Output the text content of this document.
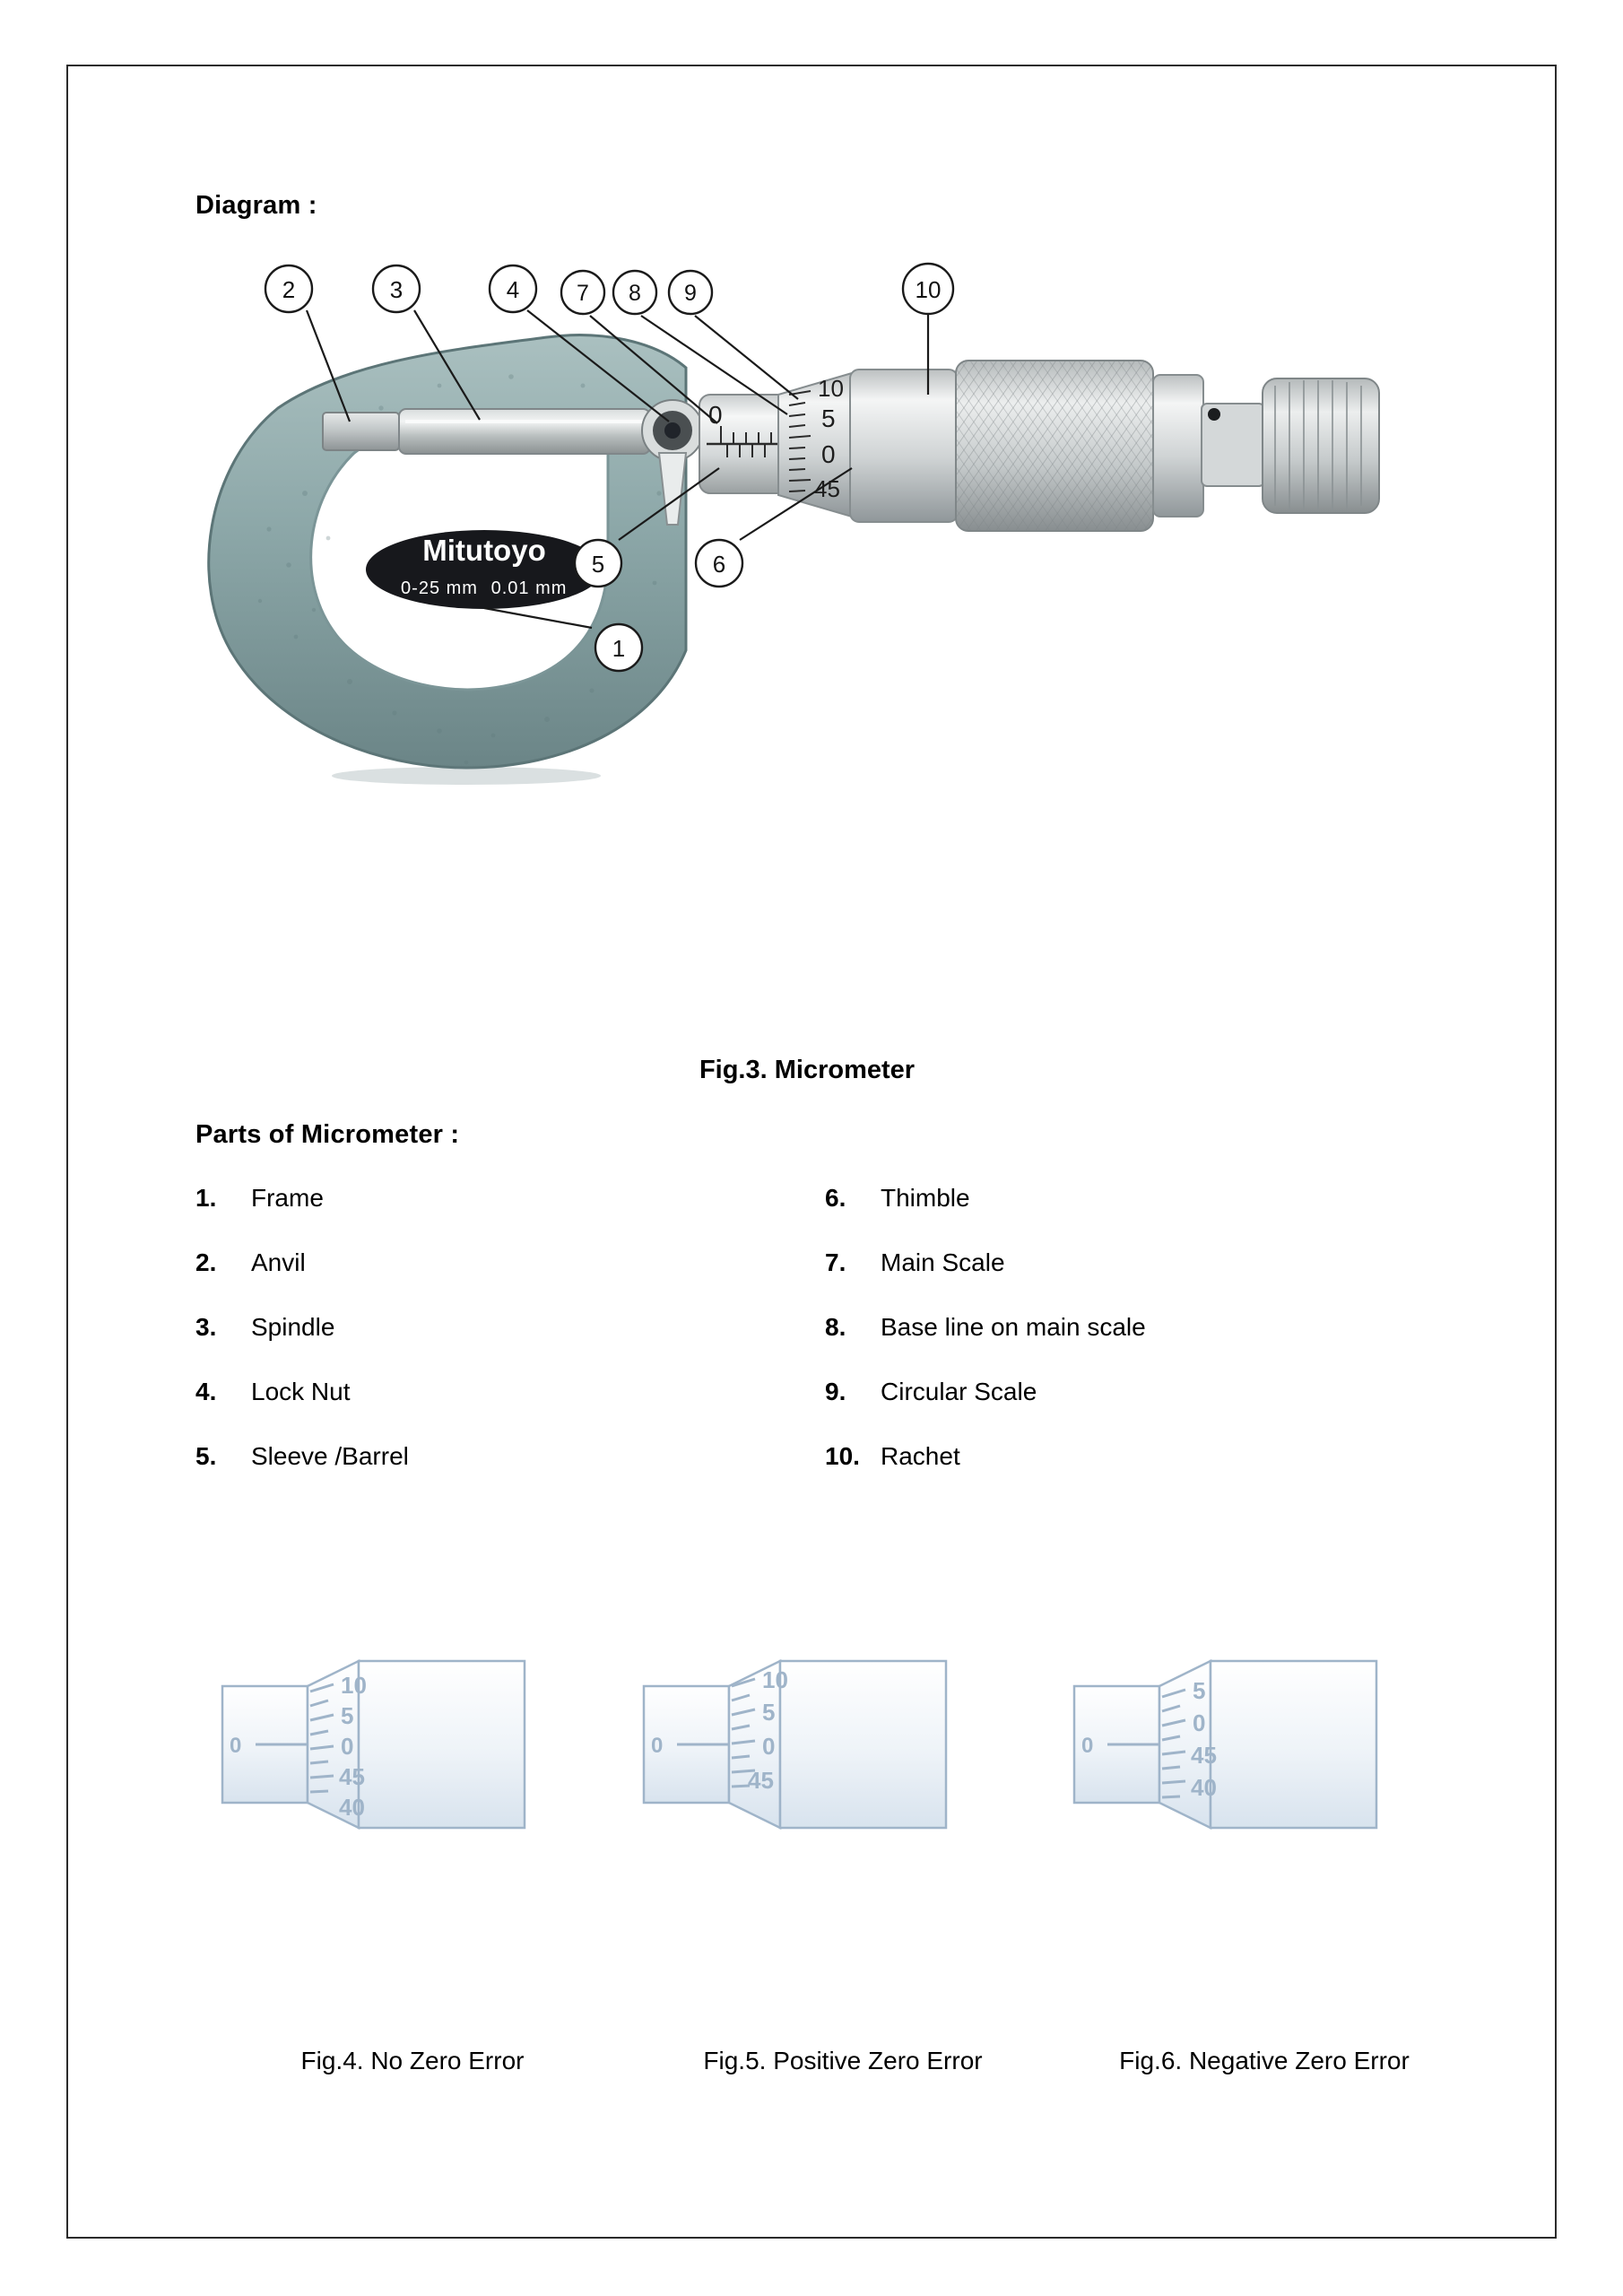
Diagram :
Mitutoyo
0-25 mm 0.01 mm
0
10
5
0
45
2	3	4	7 8 9	10
5	6
1
Fig.3. Micrometer
Parts of Micrometer :
1.	Frame
2.	Anvil
3.	Spindle
4.	Lock Nut
5.	Sleeve /Barrel
6.	Thimble
7.	Main Scale
8.	Base line on main scale
9.	Circular Scale
10. Rachet
0
10
5
0
45
40
0
10
5
0
45
0
5
0
45
40
Fig.4. No Zero Error	Fig.5. Positive Zero Error	Fig.6. Negative Zero Error
